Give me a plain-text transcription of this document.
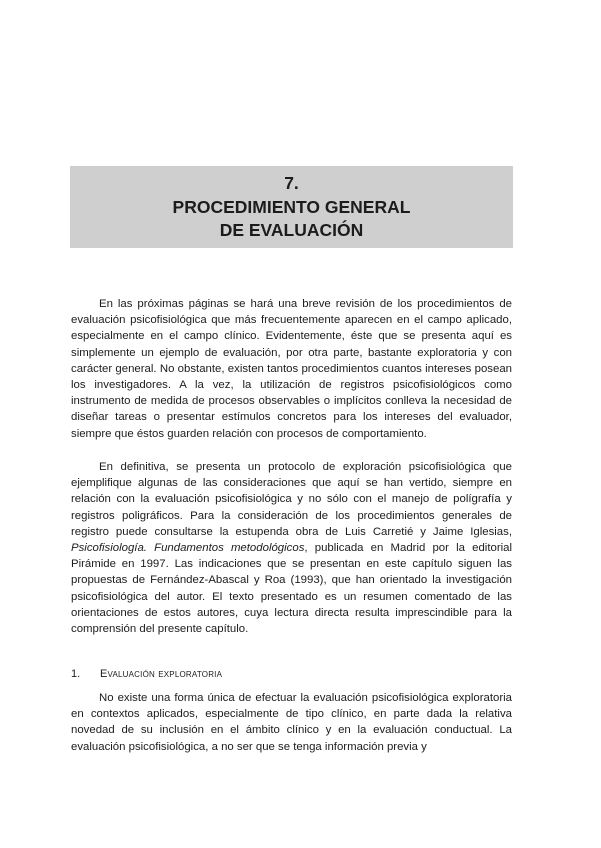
7.
PROCEDIMIENTO GENERAL
DE EVALUACIÓN

En las próximas páginas se hará una breve revisión de los procedimientos de evaluación psicofisiológica que más frecuentemente aparecen en el campo aplicado, especialmente en el campo clínico. Evidentemente, éste que se presenta aquí es simplemente un ejemplo de evaluación, por otra parte, bastante exploratoria y con carácter general. No obstante, existen tantos procedimientos cuantos intereses posean los investigadores. A la vez, la utilización de registros psicofisiológicos como instrumento de medida de procesos observables o implícitos conlleva la necesidad de diseñar tareas o presentar estímulos concretos para los intereses del evaluador, siempre que éstos guarden relación con procesos de comportamiento.

En definitiva, se presenta un protocolo de exploración psicofisiológica que ejemplifique algunas de las consideraciones que aquí se han vertido, siempre en relación con la evaluación psicofisiológica y no sólo con el manejo de polígrafía y registros poligráficos. Para la consideración de los procedimientos generales de registro puede consultarse la estupenda obra de Luis Carretié y Jaime Iglesias, Psicofisiología. Fundamentos metodológicos, publicada en Madrid por la editorial Pirámide en 1997. Las indicaciones que se presentan en este capítulo siguen las propuestas de Fernández-Abascal y Roa (1993), que han orientado la investigación psicofisiológica del autor. El texto presentado es un resumen comentado de las orientaciones de estos autores, cuya lectura directa resulta imprescindible para la comprensión del presente capítulo.

1. Evaluación exploratoria

No existe una forma única de efectuar la evaluación psicofisiológica exploratoria en contextos aplicados, especialmente de tipo clínico, en parte dada la relativa novedad de su inclusión en el ámbito clínico y en la evaluación conductual. La evaluación psicofisiológica, a no ser que se tenga información previa y
